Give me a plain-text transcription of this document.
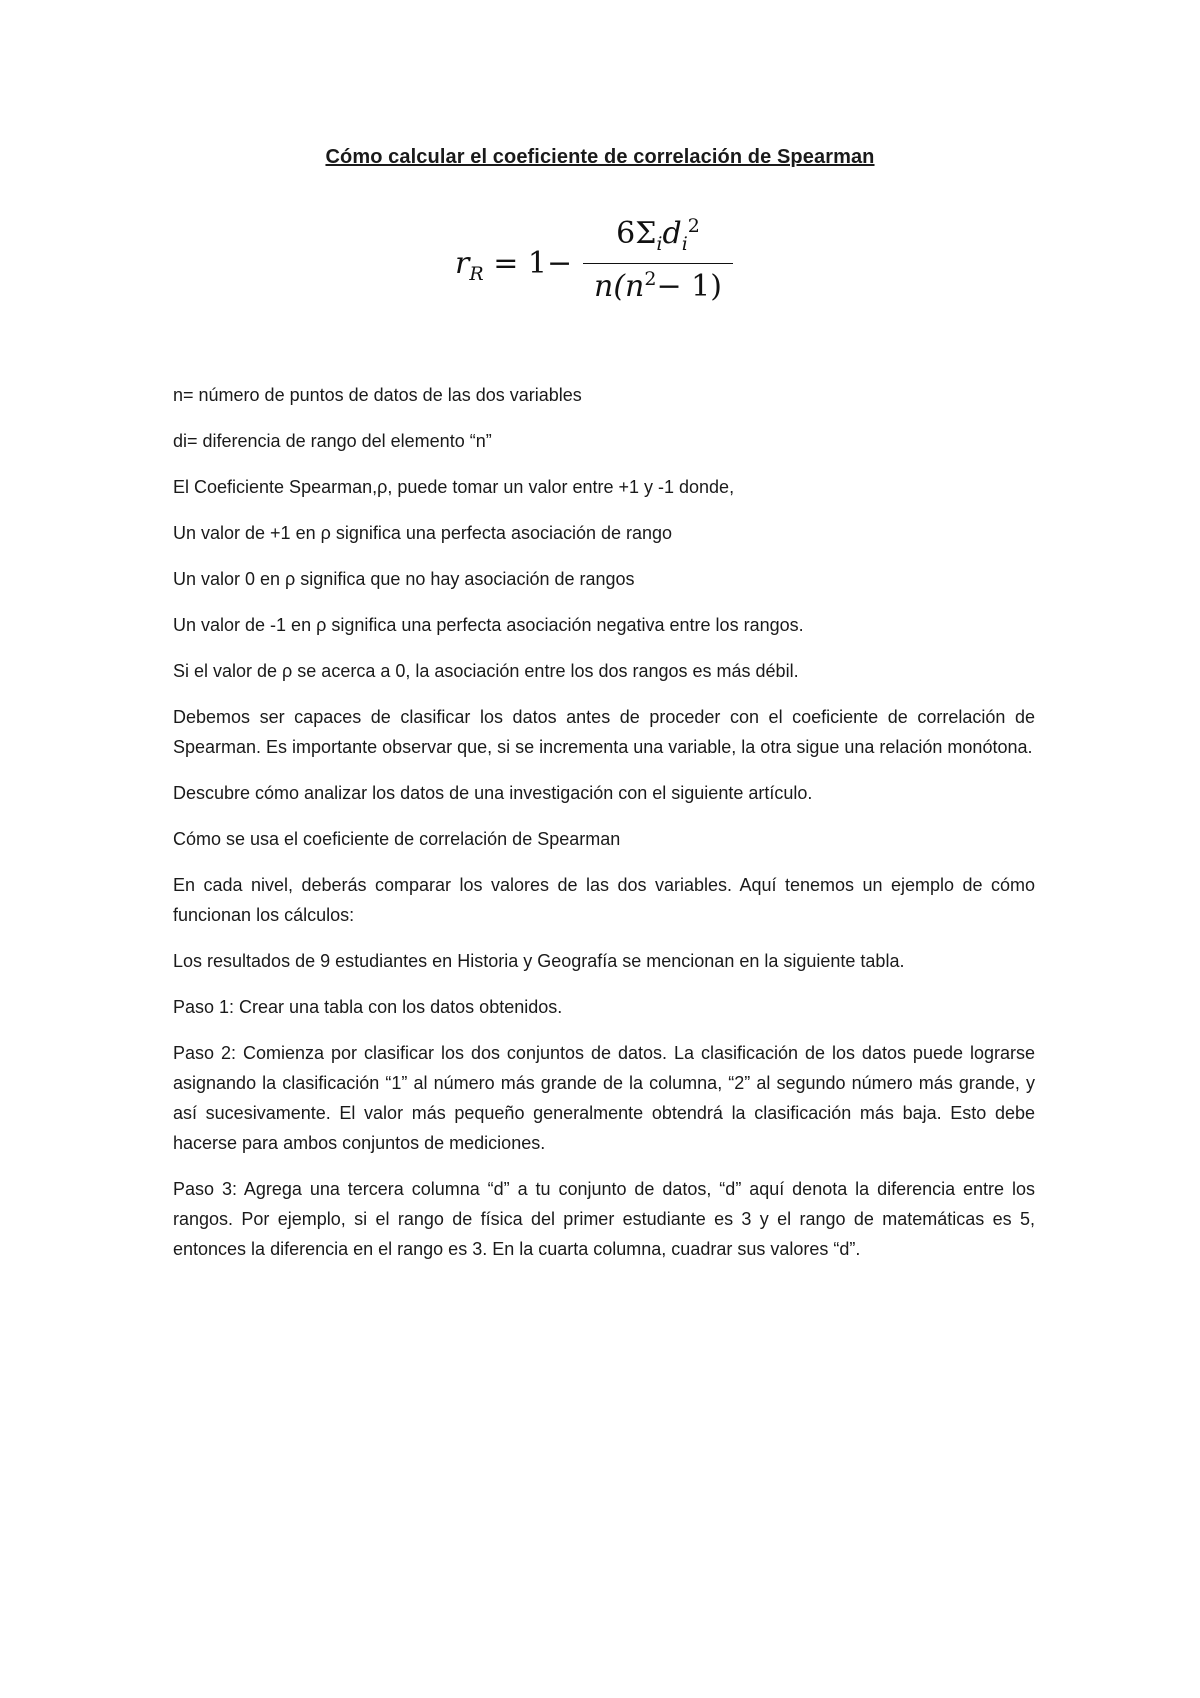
Cómo calcular el coeficiente de correlación de Spearman
$r_R = 1-$
$6\Sigma_id_i^2$
$n(n^2- 1)$

n= número de puntos de datos de las dos variables

di= diferencia de rango del elemento “n”

El Coeficiente Spearman,ρ, puede tomar un valor entre +1 y -1 donde,

Un valor de +1 en ρ significa una perfecta asociación de rango

Un valor 0 en ρ significa que no hay asociación de rangos

Un valor de -1 en ρ significa una perfecta asociación negativa entre los rangos.

Si el valor de ρ se acerca a 0, la asociación entre los dos rangos es más débil.

Debemos ser capaces de clasificar los datos antes de proceder con el coeficiente de correlación de Spearman. Es importante observar que, si se incrementa una variable, la otra sigue una relación monótona.

Descubre cómo analizar los datos de una investigación con el siguiente artículo.

Cómo se usa el coeficiente de correlación de Spearman

En cada nivel, deberás comparar los valores de las dos variables. Aquí tenemos un ejemplo de cómo funcionan los cálculos:

Los resultados de 9 estudiantes en Historia y Geografía se mencionan en la siguiente tabla.

Paso 1: Crear una tabla con los datos obtenidos.

Paso 2: Comienza por clasificar los dos conjuntos de datos. La clasificación de los datos puede lograrse asignando la clasificación “1” al número más grande de la columna, “2” al segundo número más grande, y así sucesivamente. El valor más pequeño generalmente obtendrá la clasificación más baja. Esto debe hacerse para ambos conjuntos de mediciones.

Paso 3: Agrega una tercera columna “d” a tu conjunto de datos, “d” aquí denota la diferencia entre los rangos. Por ejemplo, si el rango de física del primer estudiante es 3 y el rango de matemáticas es 5, entonces la diferencia en el rango es 3. En la cuarta columna, cuadrar sus valores “d”.
